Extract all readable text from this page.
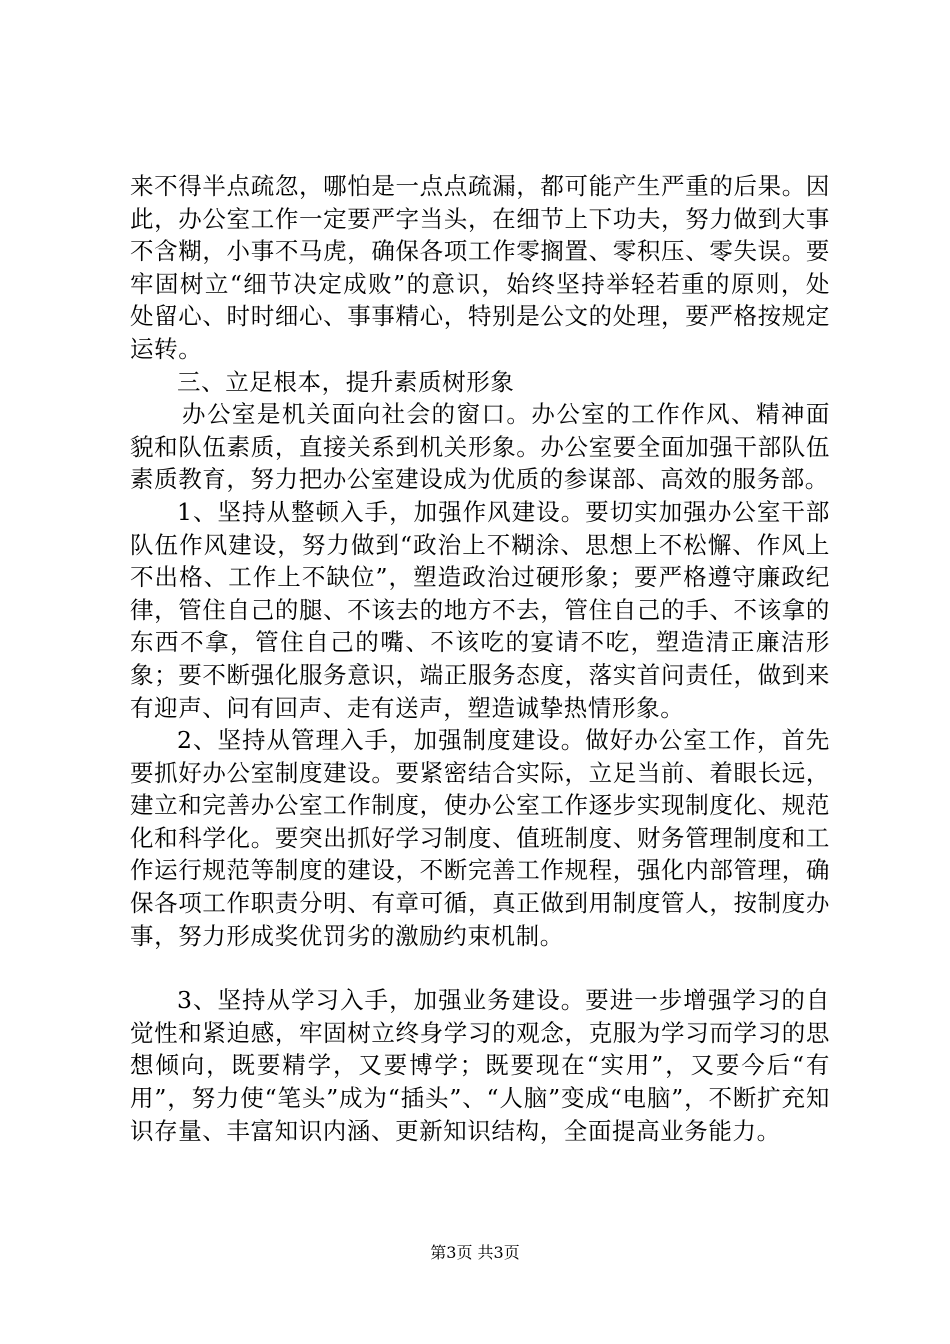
来不得半点疏忽，哪怕是一点点疏漏，都可能产生严重的后果。因此，办公室工作一定要严字当头，在细节上下功夫，努力做到大事不含糊，小事不马虎，确保各项工作零搁置、零积压、零失误。要牢固树立“细节决定成败”的意识，始终坚持举轻若重的原则，处处留心、时时细心、事事精心，特别是公文的处理，要严格按规定运转。

三、立足根本，提升素质树形象

办公室是机关面向社会的窗口。办公室的工作作风、精神面貌和队伍素质，直接关系到机关形象。办公室要全面加强干部队伍素质教育，努力把办公室建设成为优质的参谋部、高效的服务部。

1、坚持从整顿入手，加强作风建设。要切实加强办公室干部队伍作风建设，努力做到“政治上不糊涂、思想上不松懈、作风上不出格、工作上不缺位”，塑造政治过硬形象；要严格遵守廉政纪律，管住自己的腿、不该去的地方不去，管住自己的手、不该拿的东西不拿，管住自己的嘴、不该吃的宴请不吃，塑造清正廉洁形象；要不断强化服务意识，端正服务态度，落实首问责任，做到来有迎声、问有回声、走有送声，塑造诚挚热情形象。

2、坚持从管理入手，加强制度建设。做好办公室工作，首先要抓好办公室制度建设。要紧密结合实际，立足当前、着眼长远，建立和完善办公室工作制度，使办公室工作逐步实现制度化、规范化和科学化。要突出抓好学习制度、值班制度、财务管理制度和工作运行规范等制度的建设，不断完善工作规程，强化内部管理，确保各项工作职责分明、有章可循，真正做到用制度管人，按制度办事，努力形成奖优罚劣的激励约束机制。

3、坚持从学习入手，加强业务建设。要进一步增强学习的自觉性和紧迫感，牢固树立终身学习的观念，克服为学习而学习的思想倾向，既要精学，又要博学；既要现在“实用”，又要今后“有用”，努力使“笔头”成为“插头”、“人脑”变成“电脑”，不断扩充知识存量、丰富知识内涵、更新知识结构，全面提高业务能力。

第3页 共3页
